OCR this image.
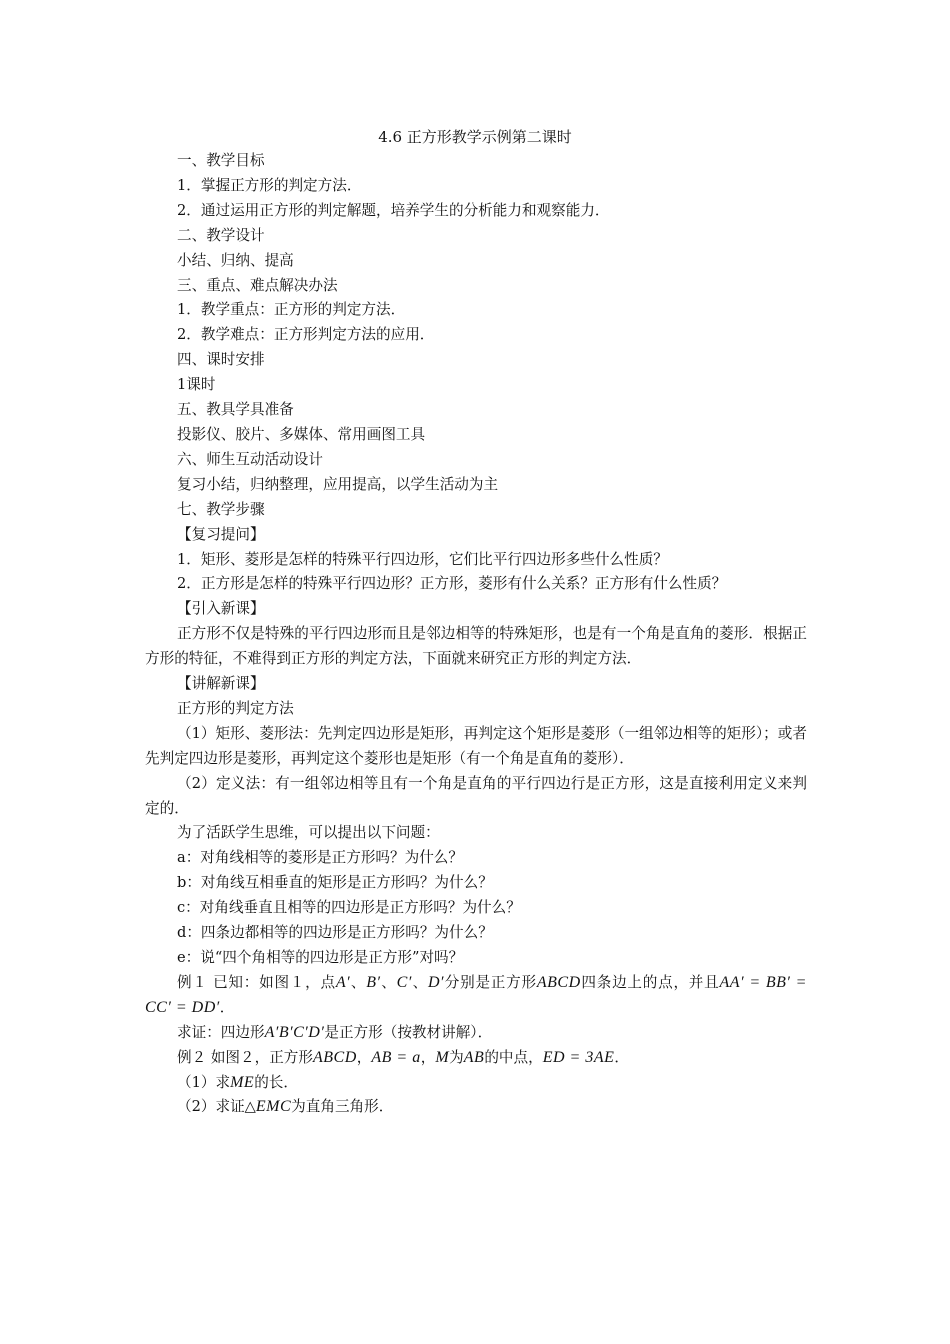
4.6 正方形教学示例第二课时

一、教学目标

1．掌握正方形的判定方法．

2．通过运用正方形的判定解题，培养学生的分析能力和观察能力．

二、教学设计

小结、归纳、提高

三、重点、难点解决办法

1．教学重点：正方形的判定方法．

2．教学难点：正方形判定方法的应用．

四、课时安排

1课时

五、教具学具准备

投影仪、胶片、多媒体、常用画图工具

六、师生互动活动设计

复习小结，归纳整理，应用提高，以学生活动为主

七、教学步骤

【复习提问】

1．矩形、菱形是怎样的特殊平行四边形，它们比平行四边形多些什么性质？

2．正方形是怎样的特殊平行四边形？正方形，菱形有什么关系？正方形有什么性质？

【引入新课】

正方形不仅是特殊的平行四边形而且是邻边相等的特殊矩形，也是有一个角是直角的菱形．根据正方形的特征，不难得到正方形的判定方法，下面就来研究正方形的判定方法．

【讲解新课】

正方形的判定方法

（1）矩形、菱形法：先判定四边形是矩形，再判定这个矩形是菱形（一组邻边相等的矩形）；或者先判定四边形是菱形，再判定这个菱形也是矩形（有一个角是直角的菱形）．

（2）定义法：有一组邻边相等且有一个角是直角的平行四边行是正方形，这是直接利用定义来判定的．

为了活跃学生思维，可以提出以下问题：

a：对角线相等的菱形是正方形吗？为什么？

b：对角线互相垂直的矩形是正方形吗？为什么？

c：对角线垂直且相等的四边形是正方形吗？为什么？

d：四条边都相等的四边形是正方形吗？为什么？

e：说“四个角相等的四边形是正方形”对吗？

例１ 已知：如图１，点A′、B′、C′、D′分别是正方形ABCD四条边上的点，并且AA′ = BB′ = CC′ = DD′．

求证：四边形A′B′C′D′是正方形（按教材讲解）．

例２ 如图２，正方形ABCD，AB = a，M为AB的中点，ED = 3AE．

（1）求ME的长．

（2）求证△EMC为直角三角形．
